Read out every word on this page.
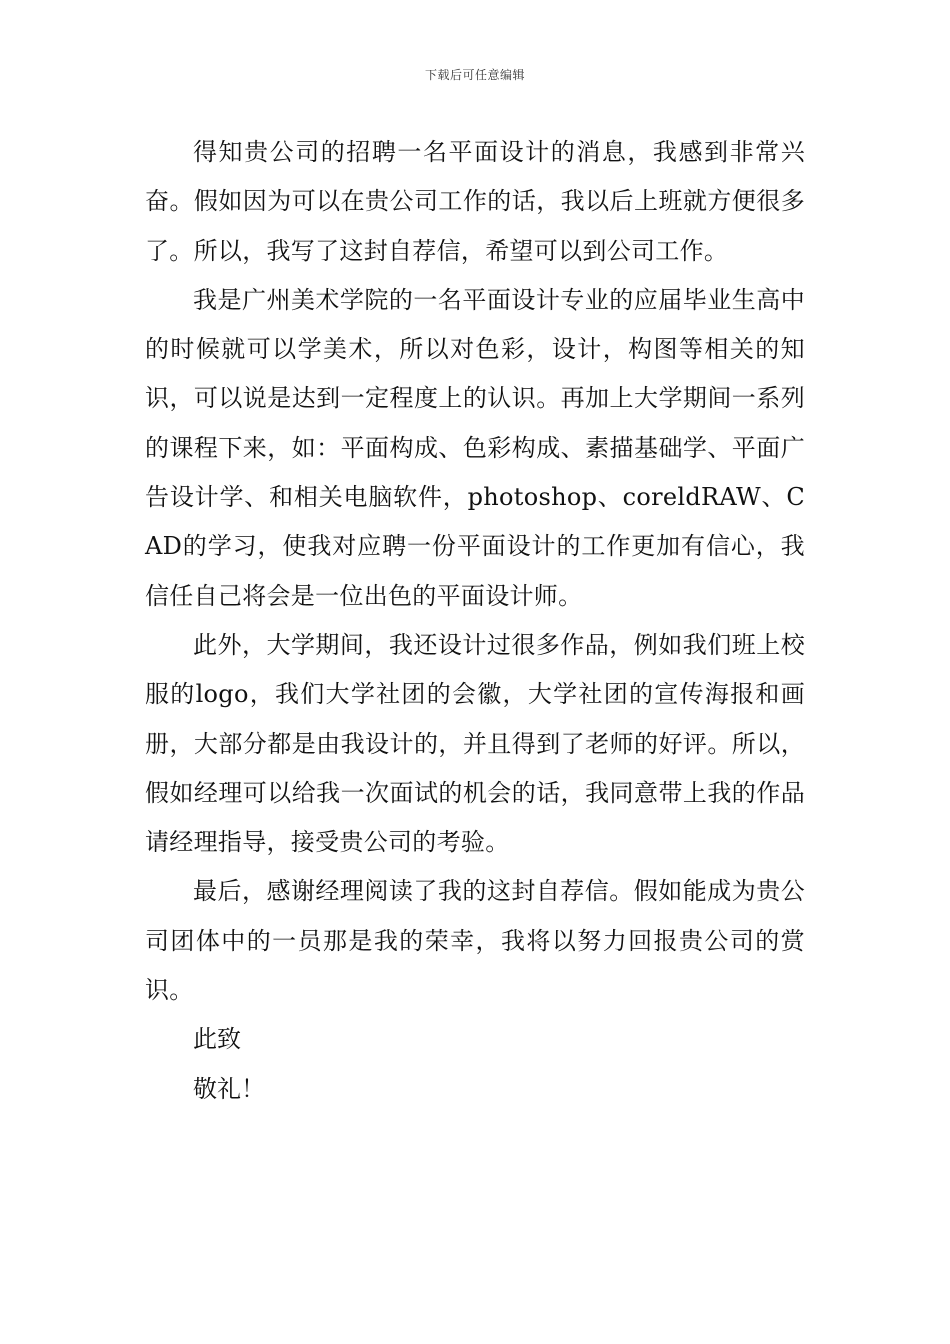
下载后可任意编辑

得知贵公司的招聘一名平面设计的消息，我感到非常兴奋。假如因为可以在贵公司工作的话，我以后上班就方便很多了。所以，我写了这封自荐信，希望可以到公司工作。

我是广州美术学院的一名平面设计专业的应届毕业生高中的时候就可以学美术，所以对色彩，设计，构图等相关的知识，可以说是达到一定程度上的认识。再加上大学期间一系列的课程下来，如：平面构成、色彩构成、素描基础学、平面广告设计学、和相关电脑软件，photoshop、coreldRAW、CAD的学习，使我对应聘一份平面设计的工作更加有信心，我信任自己将会是一位出色的平面设计师。

此外，大学期间，我还设计过很多作品，例如我们班上校服的logo，我们大学社团的会徽，大学社团的宣传海报和画册，大部分都是由我设计的，并且得到了老师的好评。所以，假如经理可以给我一次面试的机会的话，我同意带上我的作品请经理指导，接受贵公司的考验。

最后，感谢经理阅读了我的这封自荐信。假如能成为贵公司团体中的一员那是我的荣幸，我将以努力回报贵公司的赏识。

此致

敬礼！
